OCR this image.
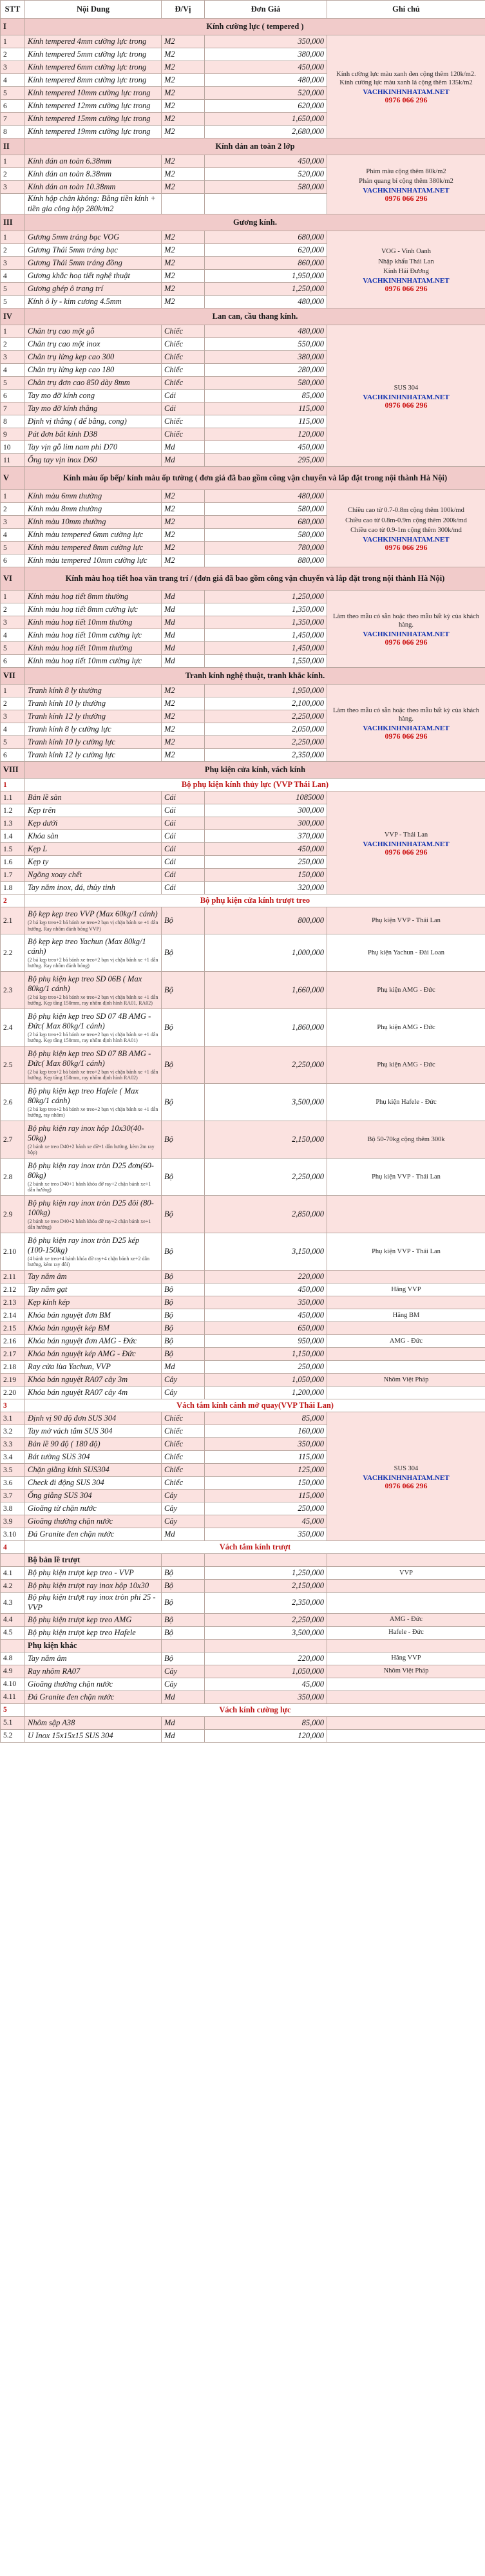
STT	Nội Dung	Đ/Vị	Đơn Giá	Ghi chú
I	Kính cường lực ( tempered )			
1	Kính tempered 4mm cường lực trong	M2	350,000	Kính cường lực màu xanh đen cộng thêm 120k/m2. Kính cường lực màu xanh lá cộng thêm 135k/m2
VACHKINHNHATAM.NET
0976 066 296

2	Kính tempered 5mm cường lực trong	M2	380,000	
3	Kính tempered 6mm cường lực trong	M2	450,000	
4	Kính tempered 8mm cường lực trong	M2	480,000	
5	Kính tempered 10mm cường lực trong	M2	520,000	
6	Kính tempered 12mm cường lực trong	M2	620,000	
7	Kính tempered 15mm cường lực trong	M2	1,650,000	
8	Kính tempered 19mm cường lực trong	M2	2,680,000	
II	Kính dán an toàn 2 lớp			
1	Kính dán an toàn 6.38mm	M2	450,000	Phim màu cộng thêm 80k/m2
Phản quang bỉ cộng thêm 380k/m2
VACHKINHNHATAM.NET
0976 066 296

2	Kính dán an toàn 8.38mm	M2	520,000	
3	Kính dán an toàn 10.38mm	M2	580,000	
	Kính hộp chân không: Bằng tiền kính + tiền gia công hộp 280k/m2			
III	Gương kính.			
1	Gương 5mm tráng bạc VOG	M2	680,000	VOG - Vinh Oanh
Nhập khẩu Thái Lan
Kính Hải Đương
VACHKINHNHATAM.NET
0976 066 296

2	Gương Thái 5mm tráng bạc	M2	620,000	
3	Gương Thái 5mm tráng đồng	M2	860,000	
4	Gương khắc hoạ tiết nghệ thuật	M2	1,950,000	
5	Gương ghép ô trang trí	M2	1,250,000	
5	Kính ô ly - kim cương 4.5mm	M2	480,000	
IV	Lan can, cầu thang kính.			
1	Chân trụ cao một gỗ	Chiếc	480,000	SUS 304
VACHKINHNHATAM.NET
0976 066 296

2	Chân trụ cao một inox	Chiếc	550,000	
3	Chân trụ lửng kẹp cao 300	Chiếc	380,000	
4	Chân trụ lửng kẹp cao 180	Chiếc	280,000	
5	Chân trụ đơn cao 850 dày 8mm	Chiếc	580,000	
6	Tay mo đỡ kính cong	Cái	85,000	
7	Tay mo đỡ kính thẳng	Cái	115,000	
8	Định vị thẳng ( để bằng, cong)	Chiếc	115,000	
9	Pát đơn bắt kính D38	Chiếc	120,000	
10	Tay vịn gỗ lim nam phi D70	Md	450,000	
11	Ống tay vịn inox D60	Md	295,000	
V	Kính màu ốp bếp/ kính màu ốp tường ( đơn giá đã bao gồm công vận chuyển và lắp đặt trong nội thành Hà Nội)			
1	Kính màu 6mm thường	M2	480,000	Chiều cao từ 0.7-0.8m cộng thêm 100k/md
Chiều cao từ 0.8m-0.9m cộng thêm 200k/md
Chiều cao từ 0.9-1m cộng thêm 300k/md
VACHKINHNHATAM.NET
0976 066 296

2	Kính màu 8mm thường	M2	580,000	
3	Kính màu 10mm thường	M2	680,000	
4	Kính màu tempered 6mm cường lực	M2	580,000	
5	Kính màu tempered 8mm cường lực	M2	780,000	
6	Kính màu tempered 10mm cường lực	M2	880,000	
VI	Kính màu hoạ tiết hoa văn trang trí / (đơn giá đã bao gồm công vận chuyển và lắp đặt trong nội thành Hà Nội)			
1	Kính màu hoạ tiết 8mm thường	Md	1,250,000	Làm theo mẫu có sẵn hoặc theo mẫu bất kỳ của khách hàng.
VACHKINHNHATAM.NET
0976 066 296

2	Kính màu hoạ tiết 8mm cường lực	Md	1,350,000	
3	Kính màu hoạ tiết 10mm thường	Md	1,350,000	
4	Kính màu hoạ tiết 10mm cường lực	Md	1,450,000	
5	Kính màu hoạ tiết 10mm thường	Md	1,450,000	
6	Kính màu hoạ tiết 10mm cường lực	Md	1,550,000	
VII	Tranh kính nghệ thuật, tranh khắc kính.			
1	Tranh kính 8 ly thường	M2	1,950,000	Làm theo mẫu có sẵn hoặc theo mẫu bất kỳ của khách hàng.
VACHKINHNHATAM.NET
0976 066 296

2	Tranh kính 10 ly thường	M2	2,100,000	
3	Tranh kính 12 ly thường	M2	2,250,000	
4	Tranh kính 8 ly cường lực	M2	2,050,000	
5	Tranh kính 10 ly cường lực	M2	2,250,000	
6	Tranh kính 12 ly cường lực	M2	2,350,000	
VIII	Phụ kiện cửa kính, vách kính			
1	Bộ phụ kiện kính thủy lực (VVP Thái Lan)			
1.1	Bản lề sàn	Cái	1085000	VVP - Thái Lan
VACHKINHNHATAM.NET
0976 066 296

1.2	Kẹp trên	Cái	300,000	
1.3	Kẹp dưới	Cái	300,000	
1.4	Khóa sàn	Cái	370,000	
1.5	Kẹp L	Cái	450,000	
1.6	Kẹp ty	Cái	250,000	
1.7	Ngõng xoay chết	Cái	150,000	
1.8	Tay nắm inox, đá, thủy tinh	Cái	320,000	
2	Bộ phụ kiện cửa kính trượt treo			
2.1	Bộ kẹp kẹp treo VVP (Max 60kg/1 cánh)
(2 bá kẹp treo+2 bá bánh xe treo+2 bạn vị chặn bánh xe +1 dẫn hướng. Ray nhôm đánh bóng VVP)	Bộ	800,000	Phụ kiện VVP - Thái Lan
2.2	Bộ kẹp kẹp treo Yachun (Max 80kg/1 cánh)
(2 bá kẹp treo+2 bá bánh xe treo+2 bạn vị chặn bánh xe +1 dẫn hướng. Ray nhôm đánh bóng)	Bộ	1,000,000	Phụ kiện Yachun - Đài Loan
2.3	Bộ phụ kiện kẹp treo SD 06B ( Max 80kg/1 cánh)
(2 bá kẹp treo+2 bá bánh xe treo+2 bạn vị chặn bánh xe +1 dẫn hướng. Kẹp tầng 150mm, ray nhôm định hình RA01, RA02)	Bộ	1,660,000	Phụ kiện AMG - Đức
2.4	Bộ phụ kiện kẹp treo SD 07 4B AMG - Đức( Max 80kg/1 cánh)
(2 bá kẹp treo+2 bá bánh xe treo+2 bạn vị chặn bánh xe +1 dẫn hướng. Kẹp tầng 150mm, ray nhôm định hình RA01)	Bộ	1,860,000	Phụ kiện AMG - Đức
2.5	Bộ phụ kiện kẹp treo SD 07 8B AMG - Đức( Max 80kg/1 cánh)
(2 bá kẹp treo+2 bá bánh xe treo+2 bạn vị chặn bánh xe +1 dẫn hướng. Kẹp tầng 150mm, ray nhôm định hình RA02)	Bộ	2,250,000	Phụ kiện AMG - Đức
2.6	Bộ phụ kiện kẹp treo Hafele ( Max 80kg/1 cánh)
(2 bá kẹp treo+2 bá bánh xe treo+2 bạn vị chặn bánh xe +1 dẫn hướng, ray nhôm)	Bộ	3,500,000	Phụ kiện Hafele - Đức
2.7	Bộ phụ kiện ray inox hộp 10x30(40-50kg)
(2 bánh xe treo D40+2 bánh xe đỡ+1 dẫn hướng, kèm 2m ray hộp)	Bộ	2,150,000	Bộ 50-70kg cộng thêm 300k
2.8	Bộ phụ kiện ray inox tròn D25 đơn(60-80kg)
(2 bánh xe treo D40+1 bánh khóa đỡ ray+2 chặn bánh xe+1 dẫn hướng)	Bộ	2,250,000	Phụ kiện VVP - Thái Lan
2.9	Bộ phụ kiện ray inox tròn D25 đôi (80-100kg)
(2 bánh xe treo D40+2 bánh khóa đỡ ray+2 chặn bánh xe+1 dẫn hướng)	Bộ	2,850,000	
2.10	Bộ phụ kiện ray inox tròn D25 kép (100-150kg)
(4 bánh xe treo+4 bánh khóa đỡ ray+4 chặn bánh xe+2 dẫn hướng, kèm ray đôi)	Bộ	3,150,000	Phụ kiện VVP - Thái Lan
2.11	Tay nắm âm	Bộ	220,000	
2.12	Tay nắm gạt	Bộ	450,000	Hãng VVP
2.13	Kẹp kính kép	Bộ	350,000	
2.14	Khóa bán nguyệt đơn BM	Bộ	450,000	Hãng BM
2.15	Khóa bán nguyệt kép BM	Bộ	650,000	
2.16	Khóa bán nguyệt đơn AMG - Đức	Bộ	950,000	AMG - Đức
2.17	Khóa bán nguyệt kép AMG - Đức	Bộ	1,150,000	
2.18	Ray cửa lùa Yachun, VVP	Md	250,000	
2.19	Khóa bán nguyệt RA07 cây 3m	Cây	1,050,000	Nhôm Việt Pháp
2.20	Khóa bán nguyệt RA07 cây 4m	Cây	1,200,000	
3	Vách tắm kính cánh mở quay(VVP Thái Lan)			
3.1	Định vị 90 độ đơn SUS 304	Chiếc	85,000	SUS 304
VACHKINHNHATAM.NET
0976 066 296

3.2	Tay mở vách tắm SUS 304	Chiếc	160,000	
3.3	Bản lề 90 độ ( 180 độ)	Chiếc	350,000	
3.4	Bát tường SUS 304	Chiếc	115,000	
3.5	Chặn giằng kính SUS304	Chiếc	125,000	
3.6	Check đi động SUS 304	Chiếc	150,000	
3.7	Ống giằng SUS 304	Cây	115,000	
3.8	Gioăng từ chặn nước	Cây	250,000	
3.9	Gioăng thường chặn nước	Cây	45,000	
3.10	Đá Granite đen chặn nước	Md	350,000	
4	Vách tắm kính trượt			
	Bộ bản lề trượt			
4.1	Bộ phụ kiện trượt kẹp treo - VVP	Bộ	1,250,000	VVP
4.2	Bộ phụ kiện trượt ray inox hộp 10x30	Bộ	2,150,000	
4.3	Bộ phụ kiện trượt ray inox tròn phi 25 - VVP	Bộ	2,350,000	
4.4	Bộ phụ kiện trượt kẹp treo AMG	Bộ	2,250,000	AMG - Đức
4.5	Bộ phụ kiện trượt kẹp treo Hafele	Bộ	3,500,000	Hafele - Đức
	Phụ kiện khác			
4.8	Tay nắm âm	Bộ	220,000	Hãng VVP
4.9	Ray nhôm RA07	Cây	1,050,000	Nhôm Việt Pháp
4.10	Gioăng thường chặn nước	Cây	45,000	
4.11	Đá Granite đen chặn nước	Md	350,000	
5	Vách kính cường lực			
5.1	Nhôm sập A38	Md	85,000	
5.2	U Inox 15x15x15 SUS 304	Md	120,000	
